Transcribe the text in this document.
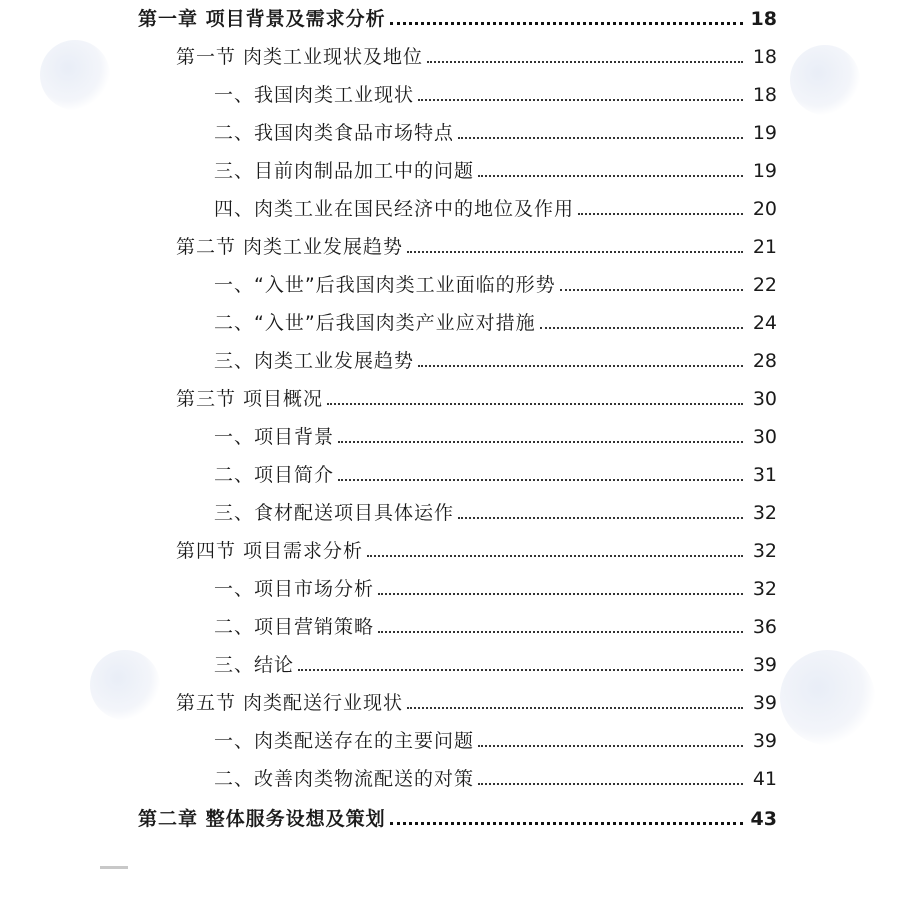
第一章 项目背景及需求分析	18
第一节 肉类工业现状及地位	18
一、我国肉类工业现状	18
二、我国肉类食品市场特点	19
三、目前肉制品加工中的问题	19
四、肉类工业在国民经济中的地位及作用	20
第二节 肉类工业发展趋势	21
一、“入世”后我国肉类工业面临的形势	22
二、“入世”后我国肉类产业应对措施	24
三、肉类工业发展趋势	28
第三节 项目概况	30
一、项目背景	30
二、项目简介	31
三、食材配送项目具体运作	32
第四节 项目需求分析	32
一、项目市场分析	32
二、项目营销策略	36
三、结论	39
第五节 肉类配送行业现状	39
一、肉类配送存在的主要问题	39
二、改善肉类物流配送的对策	41
第二章 整体服务设想及策划	43
